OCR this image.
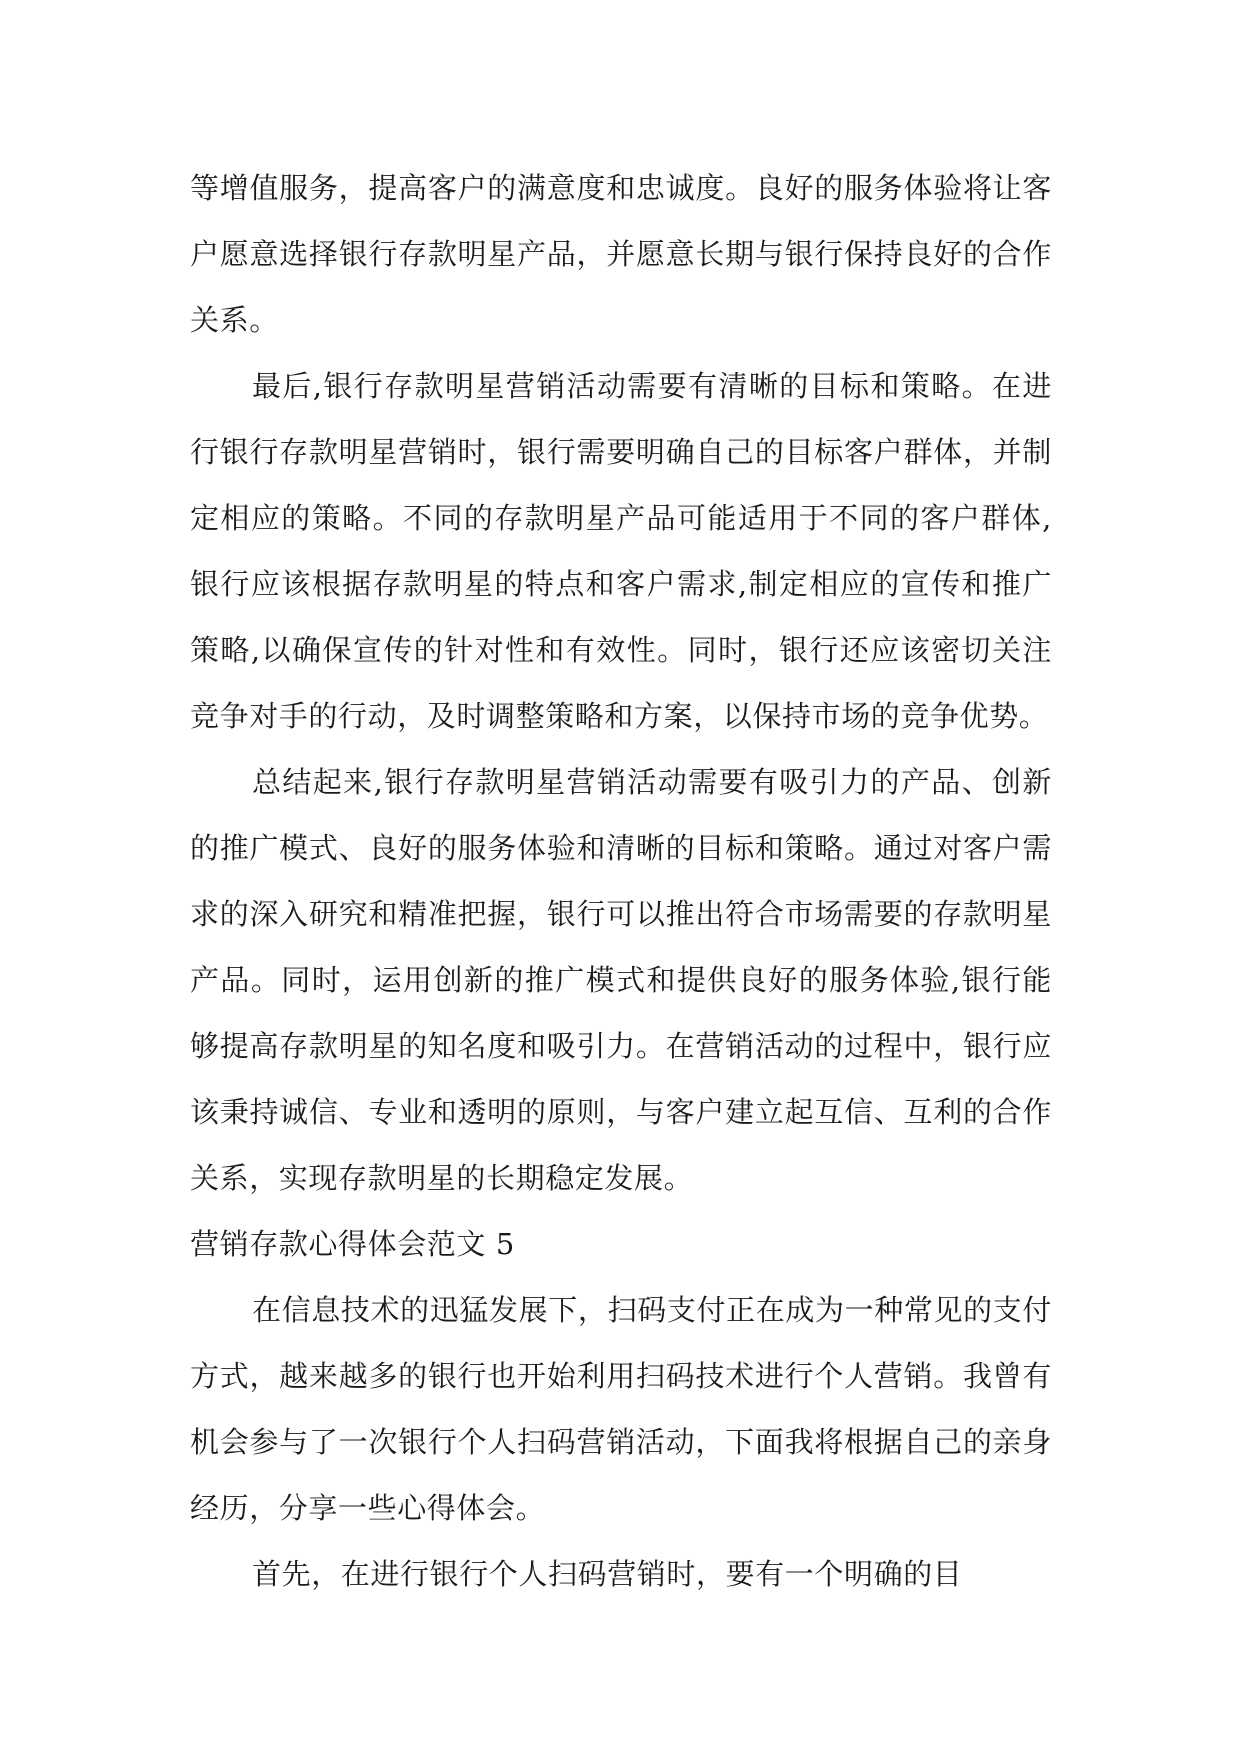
等增值服务，提高客户的满意度和忠诚度。良好的服务体验将让客户愿意选择银行存款明星产品，并愿意长期与银行保持良好的合作关系。

最后,银行存款明星营销活动需要有清晰的目标和策略。在进行银行存款明星营销时，银行需要明确自己的目标客户群体，并制定相应的策略。不同的存款明星产品可能适用于不同的客户群体,银行应该根据存款明星的特点和客户需求,制定相应的宣传和推广策略,以确保宣传的针对性和有效性。同时，银行还应该密切关注竞争对手的行动，及时调整策略和方案，以保持市场的竞争优势。

总结起来,银行存款明星营销活动需要有吸引力的产品、创新的推广模式、良好的服务体验和清晰的目标和策略。通过对客户需求的深入研究和精准把握，银行可以推出符合市场需要的存款明星产品。同时，运用创新的推广模式和提供良好的服务体验,银行能够提高存款明星的知名度和吸引力。在营销活动的过程中，银行应该秉持诚信、专业和透明的原则，与客户建立起互信、互利的合作关系，实现存款明星的长期稳定发展。

营销存款心得体会范文 5

在信息技术的迅猛发展下，扫码支付正在成为一种常见的支付方式，越来越多的银行也开始利用扫码技术进行个人营销。我曾有机会参与了一次银行个人扫码营销活动，下面我将根据自己的亲身经历，分享一些心得体会。

首先，在进行银行个人扫码营销时，要有一个明确的目
